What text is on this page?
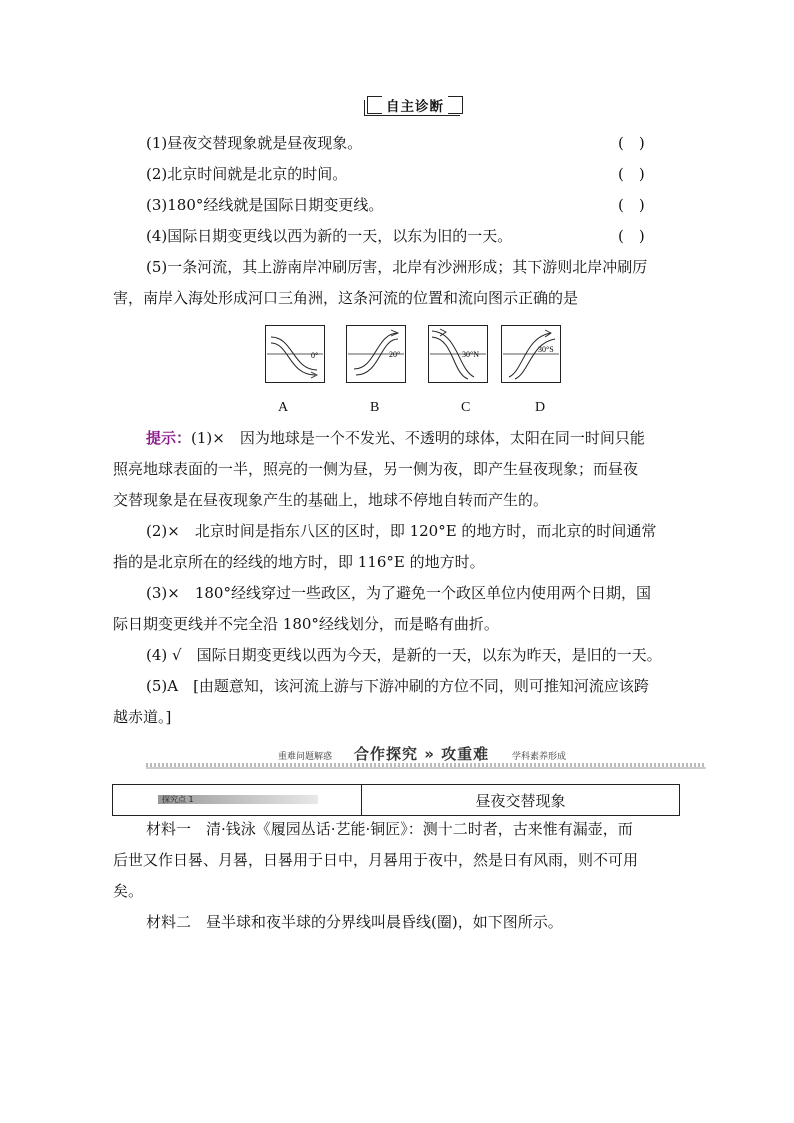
自主诊断
(1)昼夜交替现象就是昼夜现象。	(　)
(2)北京时间就是北京的时间。	(　)
(3)180°经线就是国际日期变更线。	(　)
(4)国际日期变更线以西为新的一天，以东为旧的一天。	(　)
(5)一条河流，其上游南岸冲刷厉害，北岸有沙洲形成；其下游则北岸冲刷厉
害，南岸入海处形成河口三角洲，这条河流的位置和流向图示正确的是
0°	20°	30°N
30°S
A	B	C	D
提示：(1)×　因为地球是一个不发光、不透明的球体，太阳在同一时间只能
照亮地球表面的一半，照亮的一侧为昼，另一侧为夜，即产生昼夜现象；而昼夜
交替现象是在昼夜现象产生的基础上，地球不停地自转而产生的。
(2)×　北京时间是指东八区的区时，即 120°E 的地方时，而北京的时间通常
指的是北京所在的经线的地方时，即 116°E 的地方时。
(3)×　180°经线穿过一些政区，为了避免一个政区单位内使用两个日期，国
际日期变更线并不完全沿 180°经线划分，而是略有曲折。
(4) √　国际日期变更线以西为今天，是新的一天，以东为昨天，是旧的一天。
(5)A　[由题意知，该河流上游与下游冲刷的方位不同，则可推知河流应该跨
越赤道。]
重难问题解惑 合作探究 » 攻重难	学科素养形成
探究点 1	昼夜交替现象
材料一　清·钱泳《履园丛话·艺能·铜匠》：测十二时者，古来惟有漏壶，而
后世又作日晷、月晷，日晷用于日中，月晷用于夜中，然是日有风雨，则不可用
矣。
材料二　昼半球和夜半球的分界线叫晨昏线(圈)，如下图所示。
